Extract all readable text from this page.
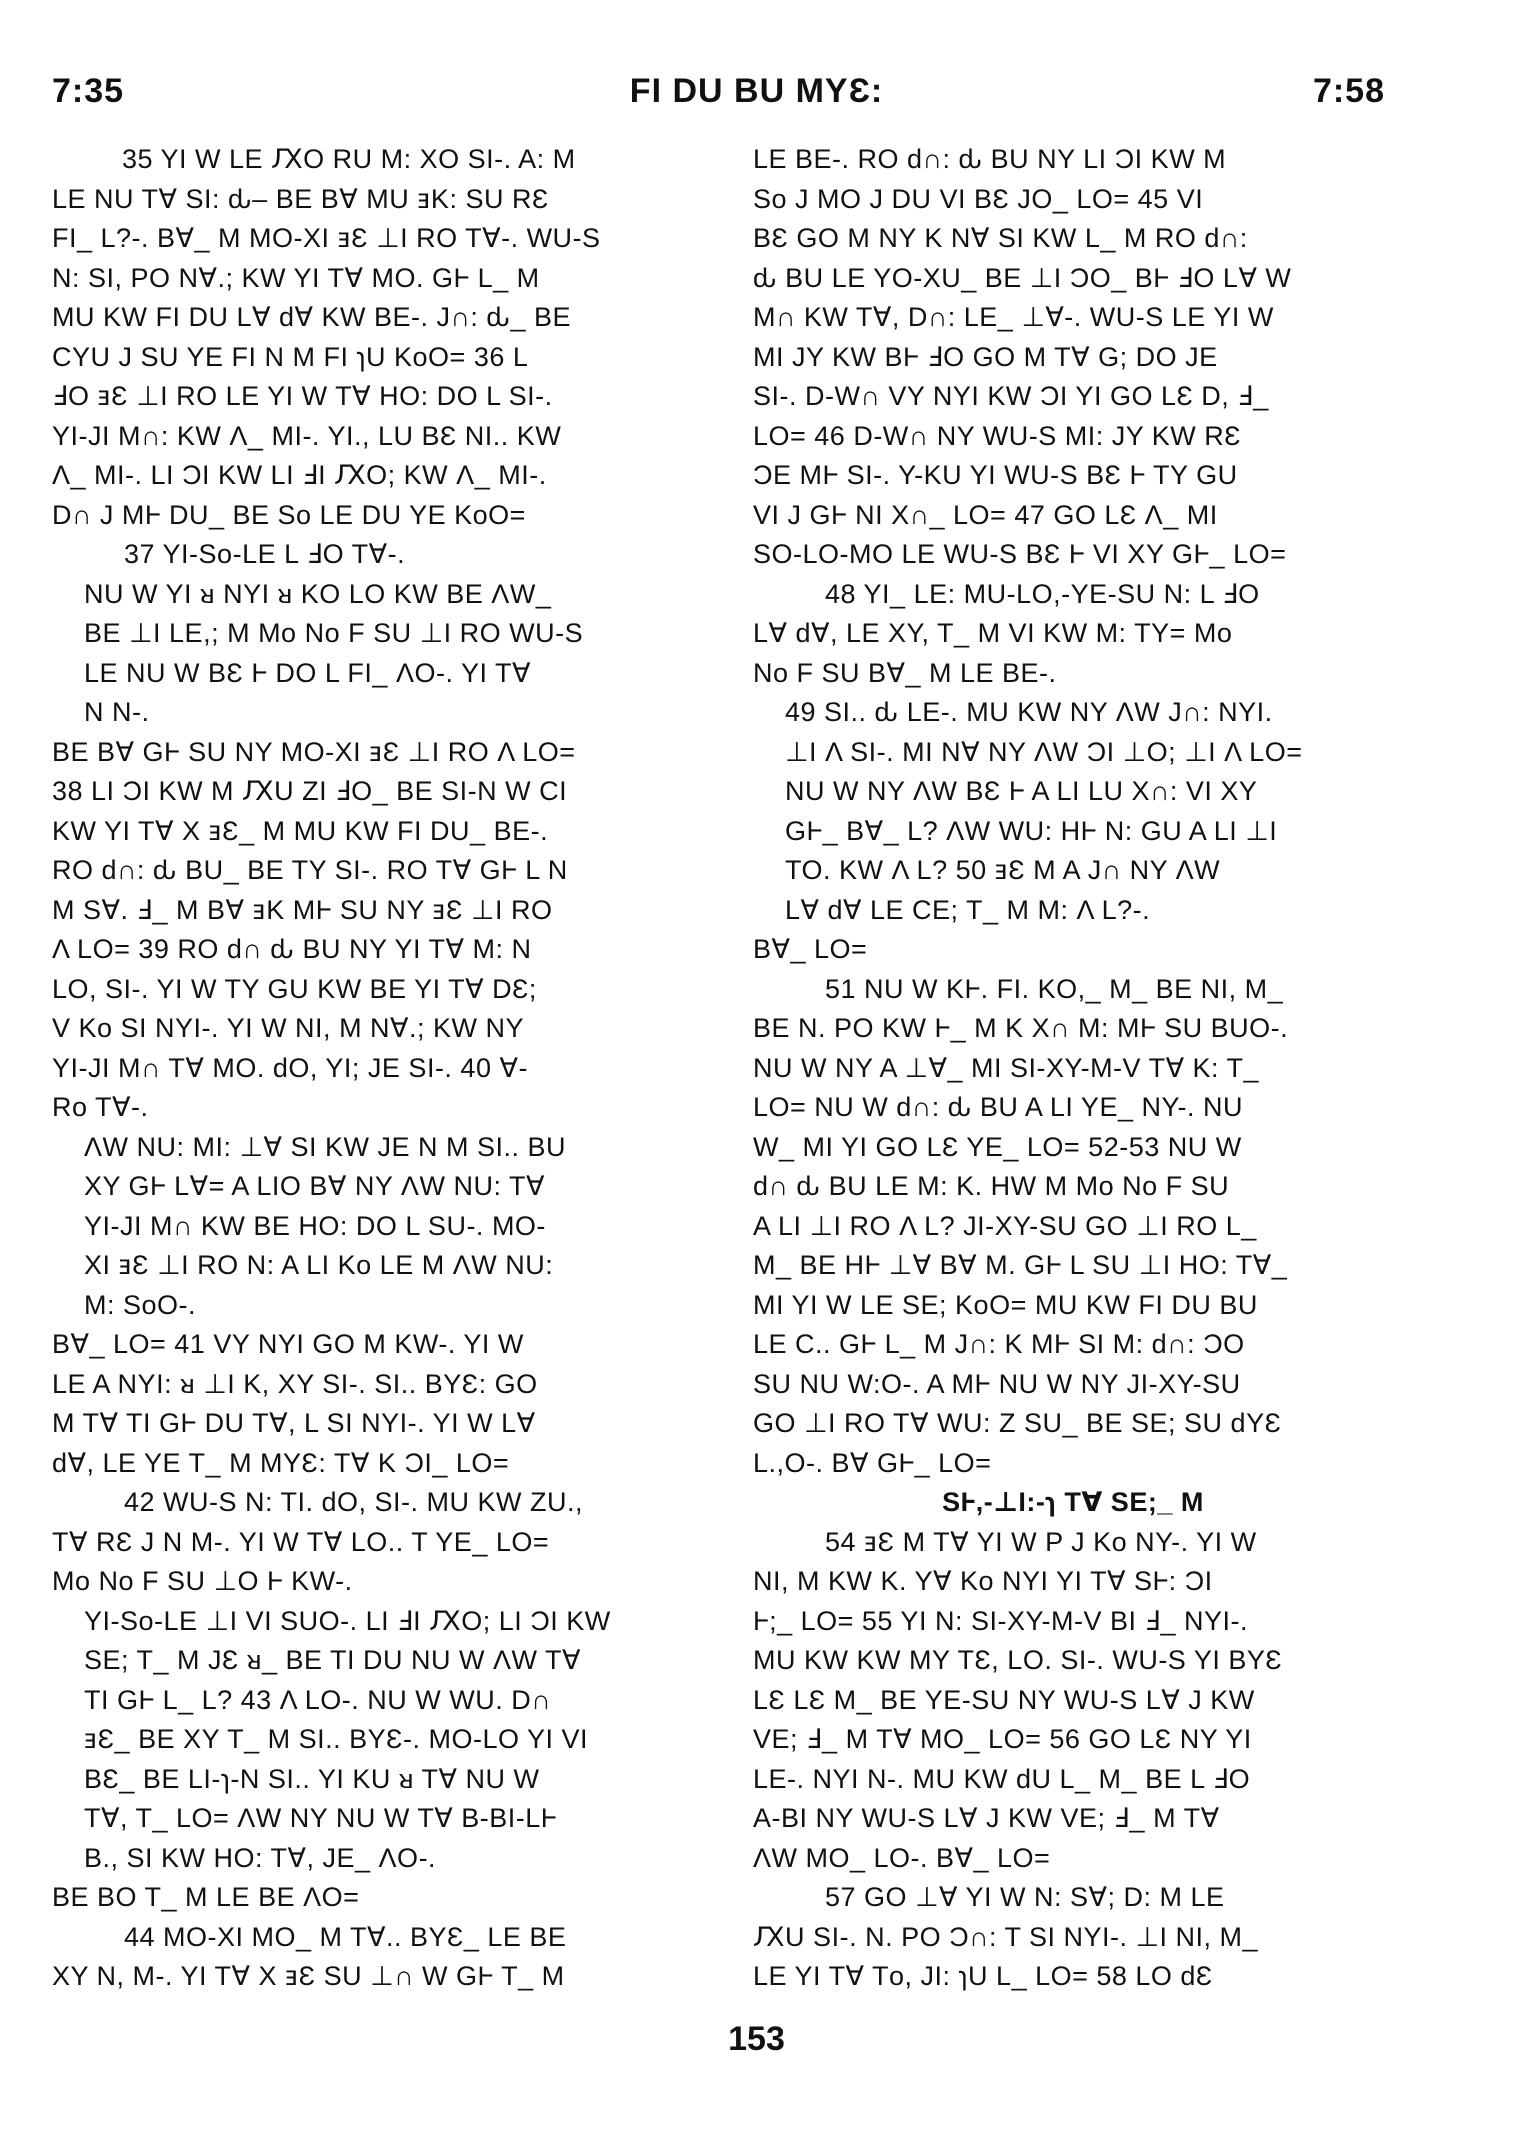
7:35	FI DU BU MYƐ:	7:58
35 YI W LE ԔO RU M: XO SI-. A: M
LE NU T∀ SI: ԃ– BE B∀ MU ⱻK: SU RƐ
FI_ L?-. B∀_ M MO-XI ⱻƐ ⊥I RO T∀-. WU-S
N: SI, PO N∀.; KW YI T∀ MO. GⱵ L_ M
MU KW FI DU L∀ ԁ∀ KW BE-. J∩: ԃ_ BE
CYU J SU YE FI N M FI ɿU KᴏO= 36 L
ℲO ⱻƐ ⊥I RO LE YI W T∀ HO: DO L SI-.
YI-JI M∩: KW Λ_ MI-. YI., LU BƐ NI.. KW
Λ_ MI-. LI ƆI KW LI ℲI ԔO; KW Λ_ MI-.
D∩ J MⱵ DU_ BE Sᴏ LE DU YE KᴏO=
37 YI-Sᴏ-LE L ℲO T∀-.
NU W YI ᴚ NYI ᴚ KO LO KW BE ΛW_
BE ⊥I LE,; M Mᴏ Nᴏ F SU ⊥I RO WU-S
LE NU W BƐ Ⱶ DO L FI_ ΛO-. YI T∀
N N-.
BE B∀ GⱵ SU NY MO-XI ⱻƐ ⊥I RO Λ LO=
38 LI ƆI KW M ԔU ZI ℲO_ BE SI-N W CI
KW YI T∀ X ⱻƐ_ M MU KW FI DU_ BE-.
RO ԁ∩: ԃ BU_ BE TY SI-. RO T∀ GⱵ L N
M S∀. Ⅎ_ M B∀ ⱻK MⱵ SU NY ⱻƐ ⊥I RO
Λ LO= 39 RO ԁ∩ ԃ BU NY YI T∀ M: N
LO, SI-. YI W TY GU KW BE YI T∀ DƐ;
V Kᴏ SI NYI-. YI W NI, M N∀.; KW NY
YI-JI M∩ T∀ MO. ԁO, YI; JE SI-. 40 ∀-
Rᴏ T∀-.
ΛW NU: MI: ⊥∀ SI KW JE N M SI.. BU
XY GⱵ L∀= A LIO B∀ NY ΛW NU: T∀
YI-JI M∩ KW BE HO: DO L SU-. MO-
XI ⱻƐ ⊥I RO N: A LI Kᴏ LE M ΛW NU:
M: SᴏO-.
B∀_ LO= 41 VY NYI GO M KW-. YI W
LE A NYI: ᴚ ⊥I K, XY SI-. SI.. BYƐ: GO
M T∀ TI GⱵ DU T∀, L SI NYI-. YI W L∀
ԁ∀, LE YE T_ M MYƐ: T∀ K ƆI_ LO=
42 WU-S N: TI. ԁO, SI-. MU KW ZU.,
T∀ RƐ J N M-. YI W T∀ LO.. T YE_ LO=
Mᴏ Nᴏ F SU ⊥O Ⱶ KW-.
YI-Sᴏ-LE ⊥I VI SUO-. LI ℲI ԔO; LI ƆI KW
SE; T_ M JƐ ᴚ_ BE TI DU NU W ΛW T∀
TI GⱵ L_ L? 43 Λ LO-. NU W WU. D∩
ⱻƐ_ BE XY T_ M SI.. BYƐ-. MO-LO YI VI
BƐ_ BE LI-ɿ-N SI.. YI KU ᴚ T∀ NU W
T∀, T_ LO= ΛW NY NU W T∀ B-BI-LⱵ
B., SI KW HO: T∀, JE_ ΛO-.
BE BO T_ M LE BE ΛO=
44 MO-XI MO_ M T∀.. BYƐ_ LE BE
XY N, M-. YI T∀ X ⱻƐ SU ⊥∩ W GⱵ T_ M
LE BE-. RO ԁ∩: ԃ BU NY LI ƆI KW M
Sᴏ J MO J DU VI BƐ JO_ LO= 45 VI
BƐ GO M NY K N∀ SI KW L_ M RO ԁ∩:
ԃ BU LE YO-XU_ BE ⊥I ƆO_ BⱵ ℲO L∀ W
M∩ KW T∀, D∩: LE_ ⊥∀-. WU-S LE YI W
MI JY KW BⱵ ℲO GO M T∀ G; DO JE
SI-. D-W∩ VY NYI KW ƆI YI GO LƐ D, Ⅎ_
LO= 46 D-W∩ NY WU-S MI: JY KW RƐ
ƆE MⱵ SI-. Y-KU YI WU-S BƐ Ⱶ TY GU
VI J GⱵ NI X∩_ LO= 47 GO LƐ Λ_ MI
SO-LO-MO LE WU-S BƐ Ⱶ VI XY GⱵ_ LO=
48 YI_ LE: MU-LO,-YE-SU N: L ℲO
L∀ ԁ∀, LE XY, T_ M VI KW M: TY= Mᴏ
Nᴏ F SU B∀_ M LE BE-.
49 SI.. ԃ LE-. MU KW NY ΛW J∩: NYI.
⊥I Λ SI-. MI N∀ NY ΛW ƆI ⊥O; ⊥I Λ LO=
NU W NY ΛW BƐ Ⱶ A LI LU X∩: VI XY
GⱵ_ B∀_ L? ΛW WU: HⱵ N: GU A LI ⊥I
TO. KW Λ L? 50 ⱻƐ M A J∩ NY ΛW
L∀ ԁ∀ LE CE; T_ M M: Λ L?-.
B∀_ LO=
51 NU W KⱵ. FI. KO,_ M_ BE NI, M_
BE N. PO KW Ⱶ_ M K X∩ M: MⱵ SU BUO-.
NU W NY A ⊥∀_ MI SI-XY-M-V T∀ K: T_
LO= NU W ԁ∩: ԃ BU A LI YE_ NY-. NU
W_ MI YI GO LƐ YE_ LO= 52-53 NU W
ԁ∩ ԃ BU LE M: K. HW M Mᴏ Nᴏ F SU
A LI ⊥I RO Λ L? JI-XY-SU GO ⊥I RO L_
M_ BE HⱵ ⊥∀ B∀ M. GⱵ L SU ⊥I HO: T∀_
MI YI W LE SE; KᴏO= MU KW FI DU BU
LE C.. GⱵ L_ M J∩: K MⱵ SI M: ԁ∩: ƆO
SU NU W:O-. A MⱵ NU W NY JI-XY-SU
GO ⊥I RO T∀ WU: Z SU_ BE SE; SU ԁYƐ
L.,O-. B∀ GⱵ_ LO=
SⱵ,-⊥I:-ɿ T∀ SE;_ M
54 ⱻƐ M T∀ YI W P J Kᴏ NY-. YI W
NI, M KW K. Y∀ Kᴏ NYI YI T∀ SⱵ: ƆI
Ⱶ;_ LO= 55 YI N: SI-XY-M-V BI Ⅎ_ NYI-.
MU KW KW MY TƐ, LO. SI-. WU-S YI BYƐ
LƐ LƐ M_ BE YE-SU NY WU-S L∀ J KW
VE; Ⅎ_ M T∀ MO_ LO= 56 GO LƐ NY YI
LE-. NYI N-. MU KW ԁU L_ M_ BE L ℲO
A-BI NY WU-S L∀ J KW VE; Ⅎ_ M T∀
ΛW MO_ LO-. B∀_ LO=
57 GO ⊥∀ YI W N: S∀; D: M LE
ԔU SI-. N. PO Ɔ∩: T SI NYI-. ⊥I NI, M_
LE YI T∀ Tᴏ, JI: ɿU L_ LO= 58 LO ԁƐ
153
